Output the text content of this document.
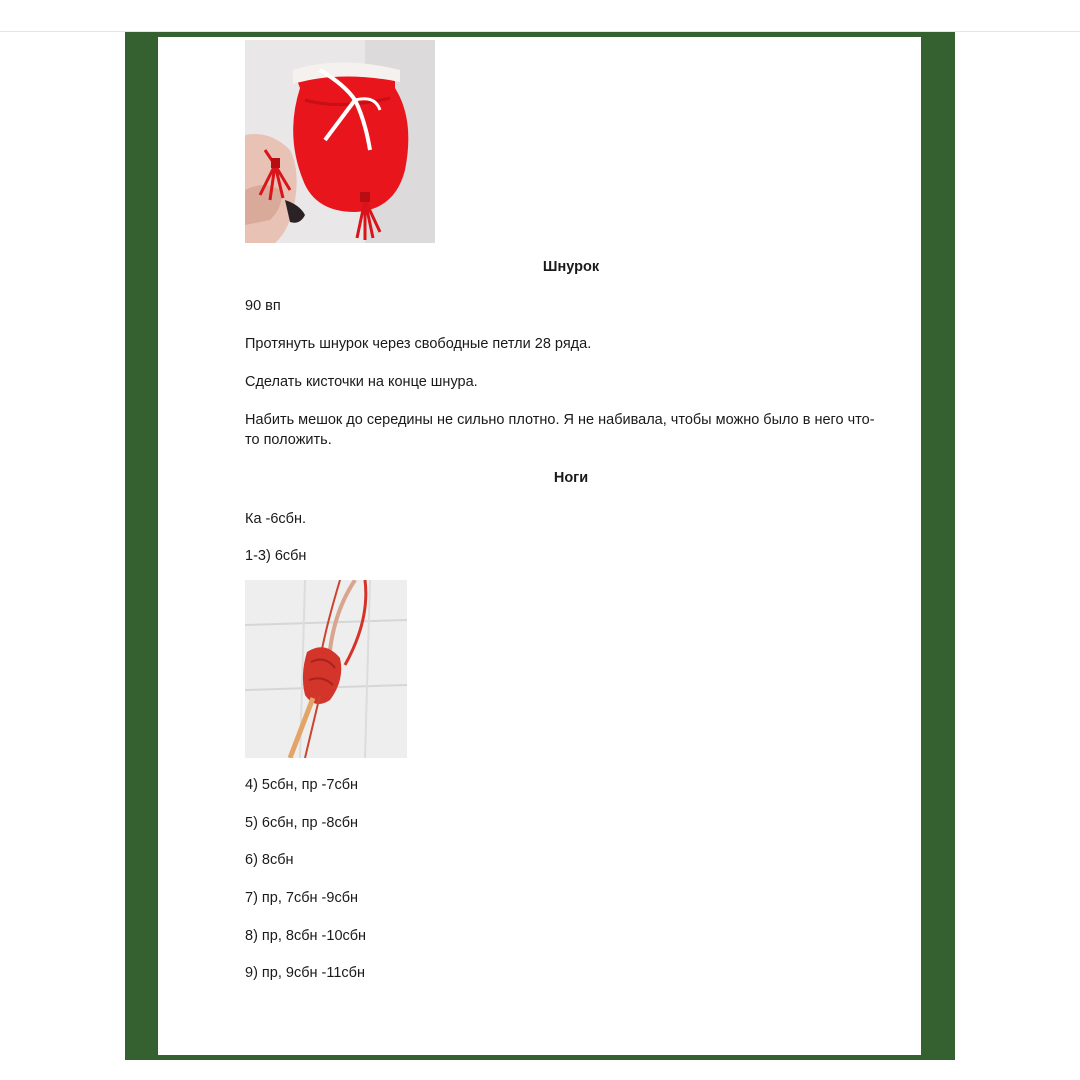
Шнурок
90 вп
Протянуть шнурок через свободные петли 28 ряда.
Сделать кисточки на конце шнура.
Набить мешок до середины не сильно плотно. Я не набивала, чтобы можно было в него что-то положить.
Ноги
Ка -6сбн.
1-3) 6сбн
4) 5сбн, пр -7сбн
5) 6сбн, пр -8сбн
6) 8сбн
7) пр, 7сбн -9сбн
8) пр, 8сбн -10сбн
9) пр, 9сбн -11сбн
